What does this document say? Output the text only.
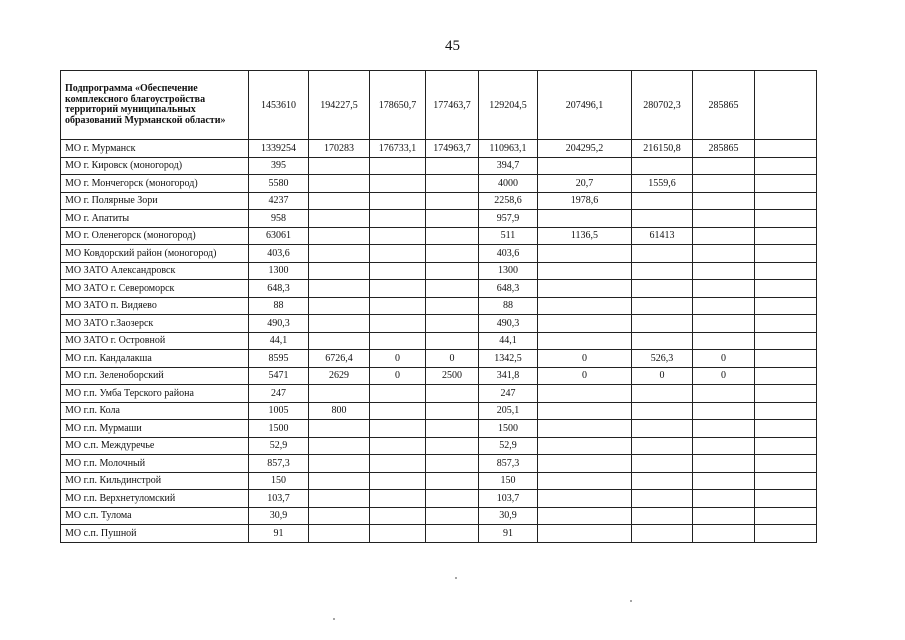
45
Подпрограмма «Обеспечение комплексного благоустройства территорий муниципальных образований Мурманской области»	1453610	194227,5	178650,7	177463,7	129204,5	207496,1	280702,3	285865	
МО г. Мурманск	1339254	170283	176733,1	174963,7	110963,1	204295,2	216150,8	285865	
МО г. Кировск (моногород)	395				394,7				
МО г. Мончегорск (моногород)	5580				4000	20,7	1559,6		
МО г. Полярные Зори	4237				2258,6	1978,6			
МО г. Апатиты	958				957,9				
МО г. Оленегорск (моногород)	63061				511	1136,5	61413		
МО Ковдорский район (моногород)	403,6				403,6				
МО ЗАТО Александровск	1300				1300				
МО ЗАТО г. Североморск	648,3				648,3				
МО ЗАТО п. Видяево	88				88				
МО ЗАТО г.Заозерск	490,3				490,3				
МО ЗАТО г. Островной	44,1				44,1				
МО г.п. Кандалакша	8595	6726,4	0	0	1342,5	0	526,3	0	
МО г.п. Зеленоборский	5471	2629	0	2500	341,8	0	0	0	
МО г.п. Умба Терского района	247				247				
МО г.п. Кола	1005	800			205,1				
МО г.п. Мурмаши	1500				1500				
МО с.п. Междуречье	52,9				52,9				
МО г.п. Молочный	857,3				857,3				
МО г.п. Кильдинстрой	150				150				
МО г.п. Верхнетуломский	103,7				103,7				
МО с.п. Тулома	30,9				30,9				
МО с.п. Пушной	91				91				
